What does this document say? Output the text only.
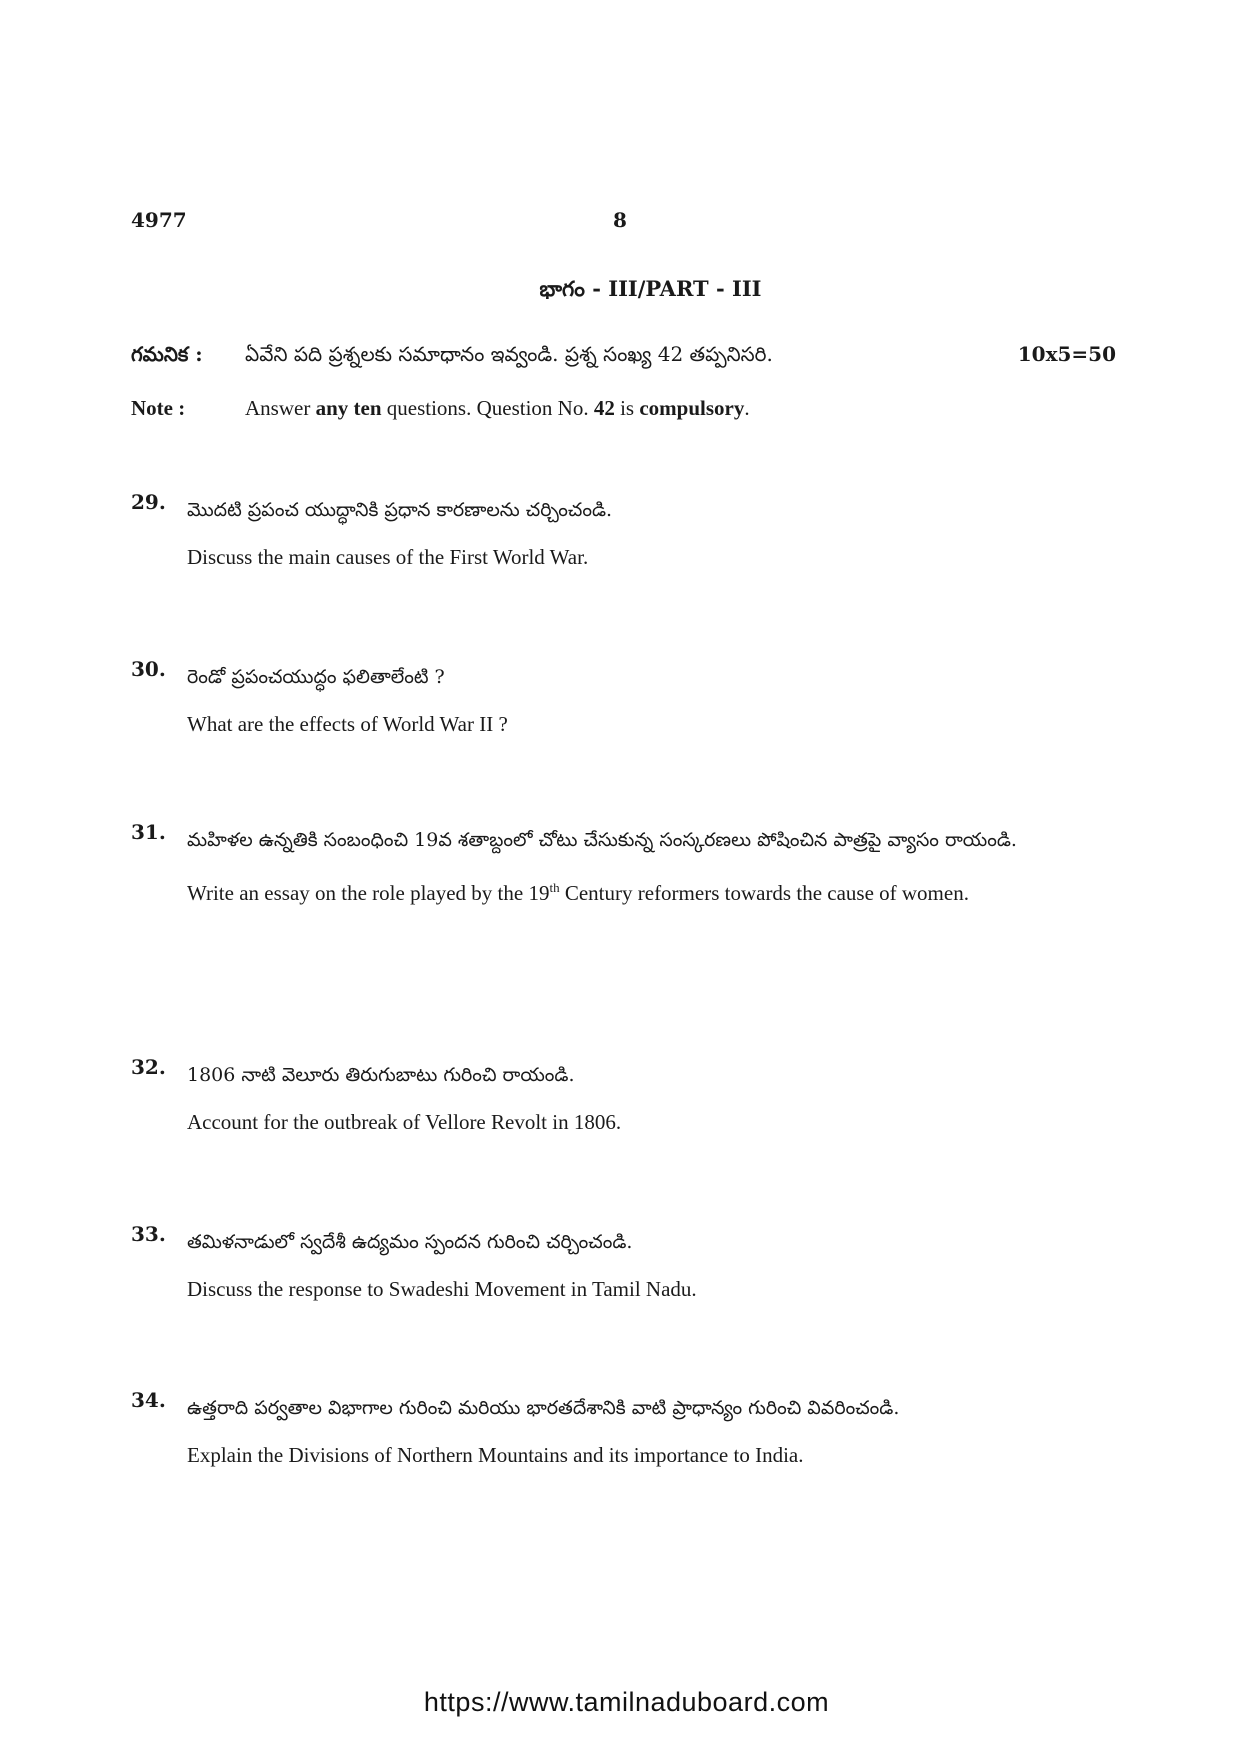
4977	8
భాగం - III/PART - III
గమనిక : ఏవేని పది ప్రశ్నలకు సమాధానం ఇవ్వండి. ప్రశ్న సంఖ్య 42 తప్పనిసరి.	10x5=50
Note :	Answer any ten questions. Question No. 42 is compulsory.
29. మొదటి ప్రపంచ యుద్ధానికి ప్రధాన కారణాలను చర్చించండి.

Discuss the main causes of the First World War.

30. రెండో ప్రపంచయుద్ధం ఫలితాలేంటి ?

What are the effects of World War II ?

31. మహిళల ఉన్నతికి సంబంధించి 19వ శతాబ్దంలో చోటు చేసుకున్న సంస్కరణలు పోషించిన పాత్రపై వ్యాసం రాయండి.

Write an essay on the role played by the 19th Century reformers towards the cause of women.

32. 1806 నాటి వెలూరు తిరుగుబాటు గురించి రాయండి.

Account for the outbreak of Vellore Revolt in 1806.

33. తమిళనాడులో స్వదేశీ ఉద్యమం స్పందన గురించి చర్చించండి.

Discuss the response to Swadeshi Movement in Tamil Nadu.

34. ఉత్తరాది పర్వతాల విభాగాల గురించి మరియు భారతదేశానికి వాటి ప్రాధాన్యం గురించి వివరించండి.

Explain the Divisions of Northern Mountains and its importance to India.

https://www.tamilnaduboard.com
